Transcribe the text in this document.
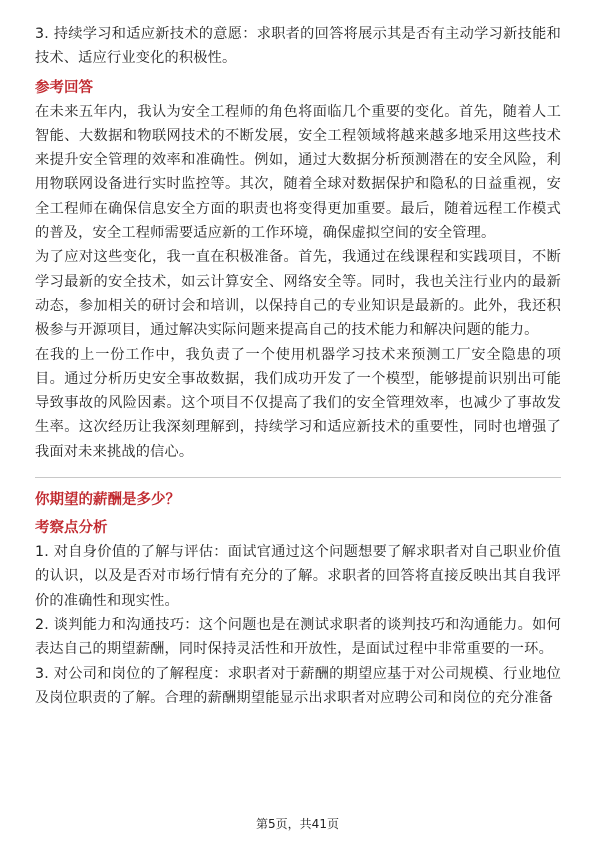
3. 持续学习和适应新技术的意愿：求职者的回答将展示其是否有主动学习新技能和技术、适应行业变化的积极性。

参考回答

在未来五年内，我认为安全工程师的角色将面临几个重要的变化。首先，随着人工智能、大数据和物联网技术的不断发展，安全工程领域将越来越多地采用这些技术来提升安全管理的效率和准确性。例如，通过大数据分析预测潜在的安全风险，利用物联网设备进行实时监控等。其次，随着全球对数据保护和隐私的日益重视，安全工程师在确保信息安全方面的职责也将变得更加重要。最后，随着远程工作模式的普及，安全工程师需要适应新的工作环境，确保虚拟空间的安全管理。

为了应对这些变化，我一直在积极准备。首先，我通过在线课程和实践项目，不断学习最新的安全技术，如云计算安全、网络安全等。同时，我也关注行业内的最新动态，参加相关的研讨会和培训，以保持自己的专业知识是最新的。此外，我还积极参与开源项目，通过解决实际问题来提高自己的技术能力和解决问题的能力。

在我的上一份工作中，我负责了一个使用机器学习技术来预测工厂安全隐患的项目。通过分析历史安全事故数据，我们成功开发了一个模型，能够提前识别出可能导致事故的风险因素。这个项目不仅提高了我们的安全管理效率，也减少了事故发生率。这次经历让我深刻理解到，持续学习和适应新技术的重要性，同时也增强了我面对未来挑战的信心。

你期望的薪酬是多少？
考察点分析

1. 对自身价值的了解与评估：面试官通过这个问题想要了解求职者对自己职业价值的认识，以及是否对市场行情有充分的了解。求职者的回答将直接反映出其自我评价的准确性和现实性。

2. 谈判能力和沟通技巧：这个问题也是在测试求职者的谈判技巧和沟通能力。如何表达自己的期望薪酬，同时保持灵活性和开放性，是面试过程中非常重要的一环。

3. 对公司和岗位的了解程度：求职者对于薪酬的期望应基于对公司规模、行业地位及岗位职责的了解。合理的薪酬期望能显示出求职者对应聘公司和岗位的充分准备

第5页，共41页
